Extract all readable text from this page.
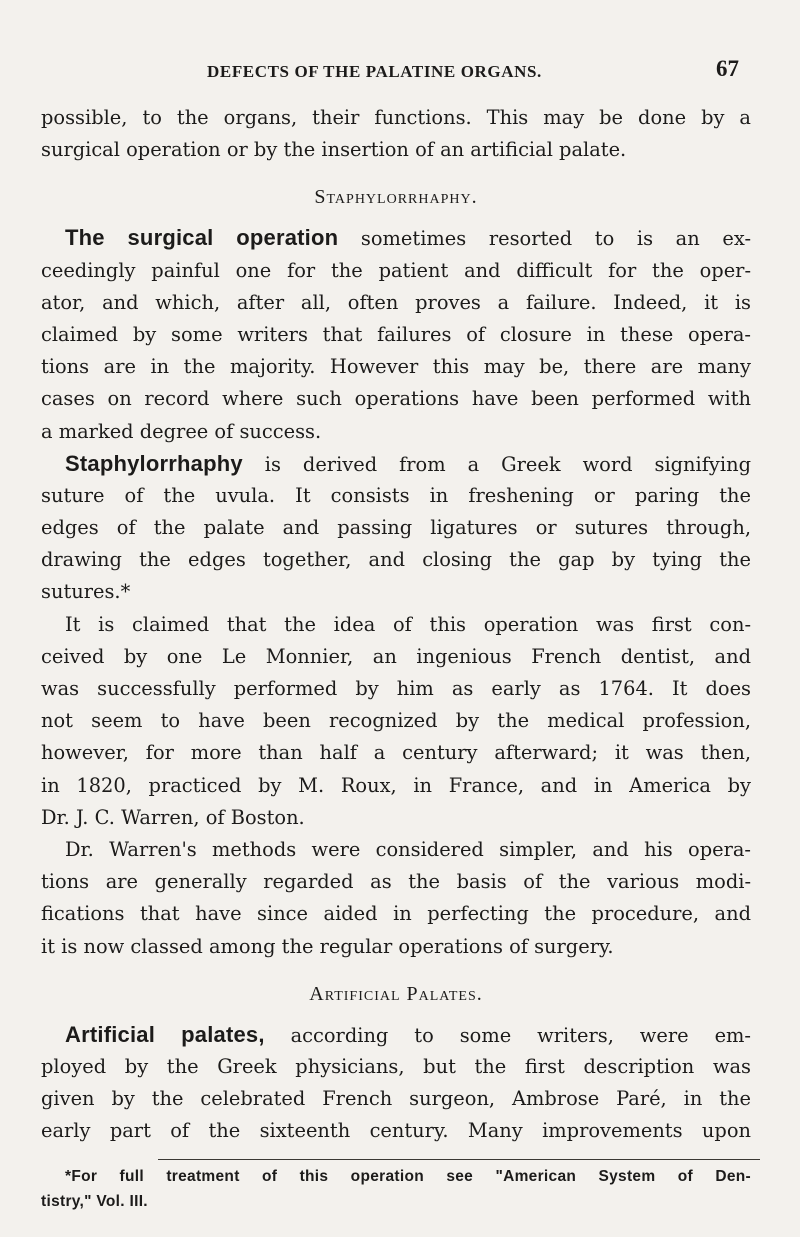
DEFECTS OF THE PALATINE ORGANS.	67
possible, to the organs, their functions. This may be done by a
surgical operation or by the insertion of an artificial palate.
Staphylorrhaphy.
The surgical operation sometimes resorted to is an ex-
ceedingly painful one for the patient and difficult for the oper-
ator, and which, after all, often proves a failure. Indeed, it is
claimed by some writers that failures of closure in these opera-
tions are in the majority. However this may be, there are many
cases on record where such operations have been performed with
a marked degree of success.
Staphylorrhaphy is derived from a Greek word signifying
suture of the uvula. It consists in freshening or paring the
edges of the palate and passing ligatures or sutures through,
drawing the edges together, and closing the gap by tying the
sutures.*
It is claimed that the idea of this operation was first con-
ceived by one Le Monnier, an ingenious French dentist, and
was successfully performed by him as early as 1764. It does
not seem to have been recognized by the medical profession,
however, for more than half a century afterward; it was then,
in 1820, practiced by M. Roux, in France, and in America by
Dr. J. C. Warren, of Boston.
Dr. Warren's methods were considered simpler, and his opera-
tions are generally regarded as the basis of the various modi-
fications that have since aided in perfecting the procedure, and
it is now classed among the regular operations of surgery.
Artificial Palates.
Artificial palates, according to some writers, were em-
ployed by the Greek physicians, but the first description was
given by the celebrated French surgeon, Ambrose Paré, in the
early part of the sixteenth century. Many improvements upon
*For full treatment of this operation see "American System of Den-
tistry," Vol. III.
